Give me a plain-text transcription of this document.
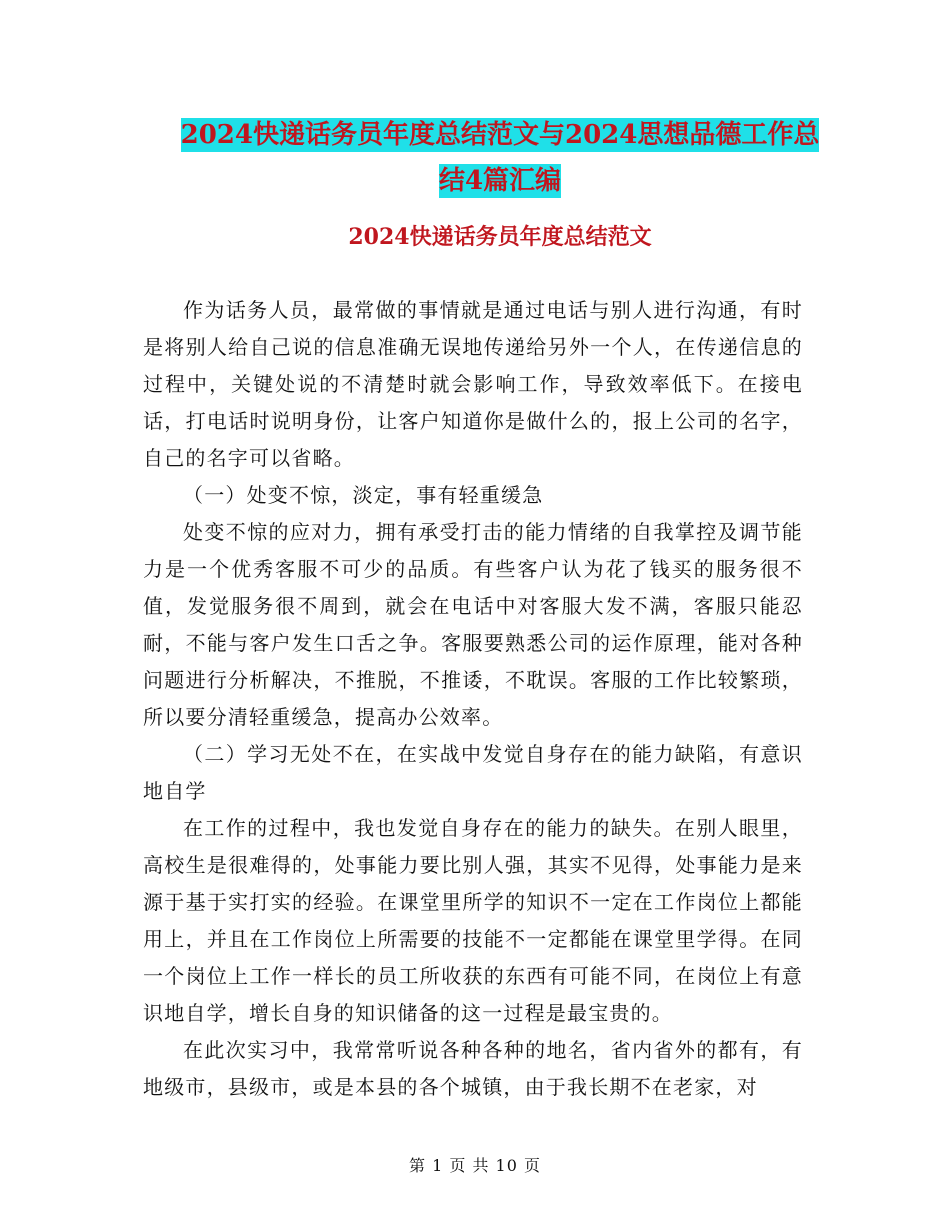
2024快递话务员年度总结范文与2024思想品德工作总
结4篇汇编
2024快递话务员年度总结范文

作为话务人员，最常做的事情就是通过电话与别人进行沟通，有时是将别人给自己说的信息准确无误地传递给另外一个人，在传递信息的过程中，关键处说的不清楚时就会影响工作，导致效率低下。在接电话，打电话时说明身份，让客户知道你是做什么的，报上公司的名字，自己的名字可以省略。

（一）处变不惊，淡定，事有轻重缓急

处变不惊的应对力，拥有承受打击的能力情绪的自我掌控及调节能力是一个优秀客服不可少的品质。有些客户认为花了钱买的服务很不值，发觉服务很不周到，就会在电话中对客服大发不满，客服只能忍耐，不能与客户发生口舌之争。客服要熟悉公司的运作原理，能对各种问题进行分析解决，不推脱，不推诿，不耽误。客服的工作比较繁琐，所以要分清轻重缓急，提高办公效率。

（二）学习无处不在，在实战中发觉自身存在的能力缺陷，有意识地自学

在工作的过程中，我也发觉自身存在的能力的缺失。在别人眼里，高校生是很难得的，处事能力要比别人强，其实不见得，处事能力是来源于基于实打实的经验。在课堂里所学的知识不一定在工作岗位上都能用上，并且在工作岗位上所需要的技能不一定都能在课堂里学得。在同一个岗位上工作一样长的员工所收获的东西有可能不同，在岗位上有意识地自学，增长自身的知识储备的这一过程是最宝贵的。

在此次实习中，我常常听说各种各种的地名，省内省外的都有，有地级市，县级市，或是本县的各个城镇，由于我长期不在老家，对

第 1 页 共 10 页
